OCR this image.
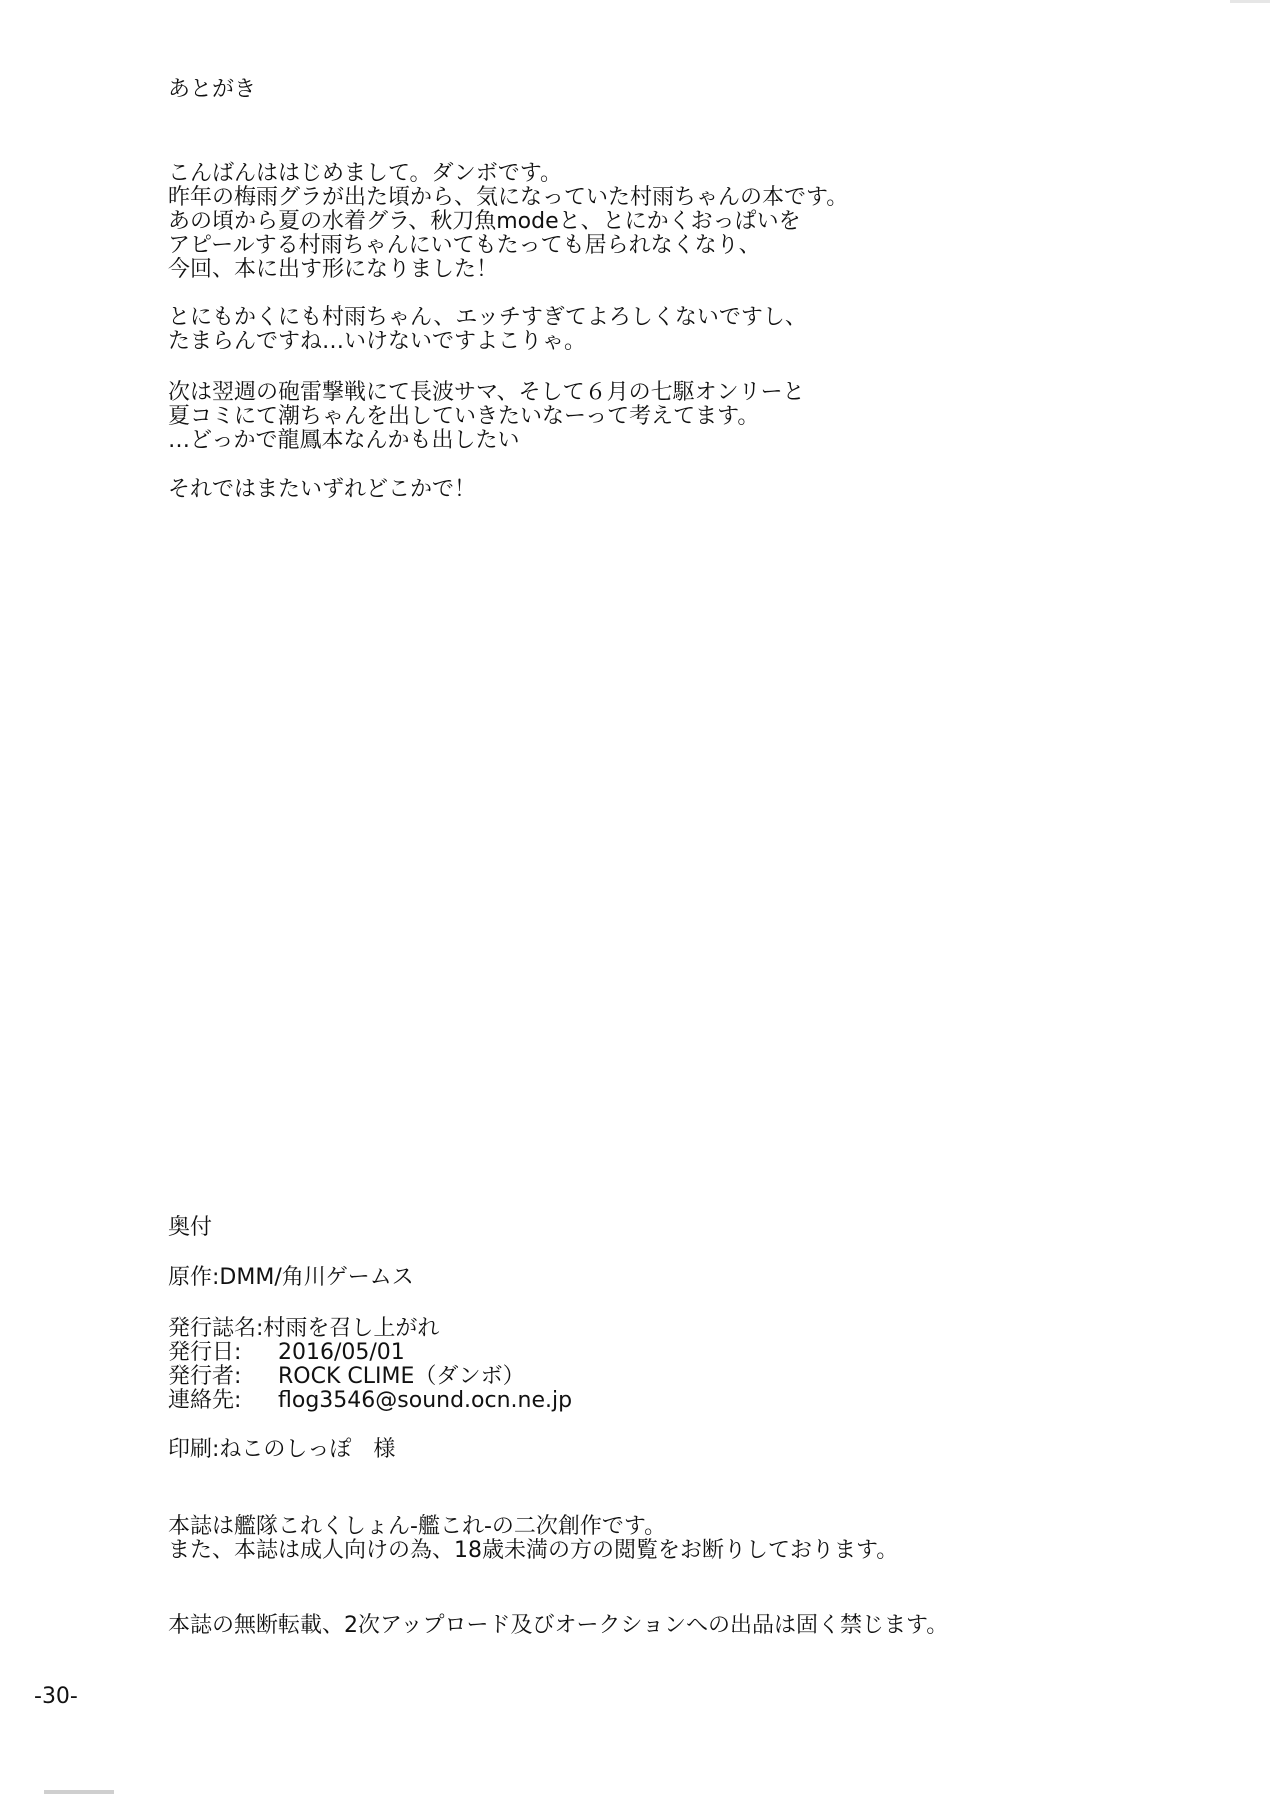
あとがき
こんばんははじめまして。ダンボです。
昨年の梅雨グラが出た頃から、気になっていた村雨ちゃんの本です。
あの頃から夏の水着グラ、秋刀魚modeと、とにかくおっぱいを
アピールする村雨ちゃんにいてもたっても居られなくなり、
今回、本に出す形になりました！
とにもかくにも村雨ちゃん、エッチすぎてよろしくないですし、
たまらんですね…いけないですよこりゃ。
次は翌週の砲雷撃戦にて長波サマ、そして６月の七駆オンリーと
夏コミにて潮ちゃんを出していきたいなーって考えてます。
…どっかで龍鳳本なんかも出したい
それではまたいずれどこかで！
奥付
原作:DMM/角川ゲームス
発行誌名:村雨を召し上がれ
発行日: 2016/05/01
発行者: ROCK CLIME（ダンボ）
連絡先: flog3546@sound.ocn.ne.jp
印刷:ねこのしっぽ　様
本誌は艦隊これくしょん-艦これ-の二次創作です。
また、本誌は成人向けの為、18歳未満の方の閲覧をお断りしております。
本誌の無断転載、2次アップロード及びオークションへの出品は固く禁じます。
-30-
